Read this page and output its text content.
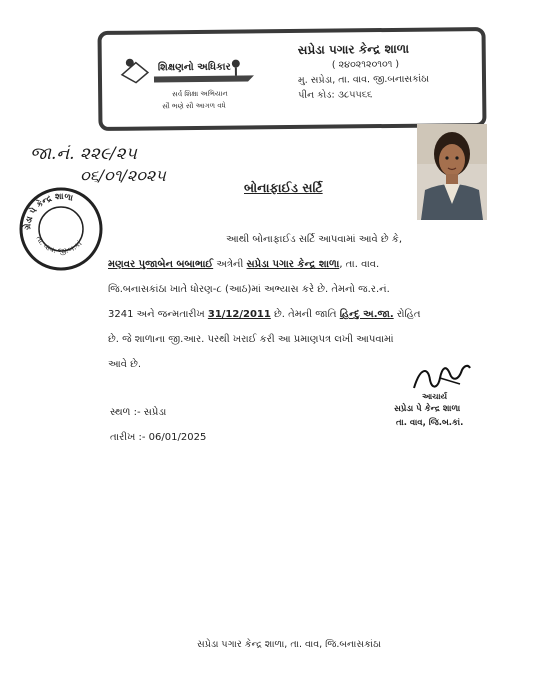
શિક્ષણનો અધિકાર
સર્વ શિક્ષા અભિયાન
સૌ ભણે સૌ આગળ વધે
સપ્રેડા પગાર કેન્દ્ર શાળા
( ૨૪૦૨૧૨૦૧૦૧ )
મુ. સપ્રેડા, તા. વાવ. જી.બનાસકાંઠા
પીન કોડ: ૩૮૫૫૬૬
જા.નં. ૨૨૯/૨૫
૦૬/૦૧/૨૦૨૫
ગ્રેડા પે કેન્દ્ર શાળા
તા. વાવ. જી.બ.કાં
બોનાફાઈડ સર્ટિ
આથી બોનાફાઈડ સર્ટિ આપવામાં આવે છે કે,
મણવર પુજાબેન બબાભાઈ અત્રેની સપ્રેડા પગાર કેન્દ્ર શાળા, તા. વાવ.
જિ.બનાસકાંઠા ખાતે ધોરણ-૮ (આઠ)માં અભ્યાસ કરે છે. તેમનો જ.ર.નં.
3241 અને જન્મતારીખ 31/12/2011 છે. તેમની જાતિ હિન્દુ અ.જા. રોહિત
છે. જે શાળાના જી.આર. પરથી ખરાઈ કરી આ પ્રમાણપત્ર લખી આપવામાં
આવે છે.
આચાર્ય
સપ્રેડા પે કેન્દ્ર શાળા
તા. વાવ, જિ.બ.કાં.
સ્થળ :- સપ્રેડા
તારીખ :- 06/01/2025
સપ્રેડા પગાર કેન્દ્ર શાળા, તા. વાવ, જિ.બનાસકાંઠા
